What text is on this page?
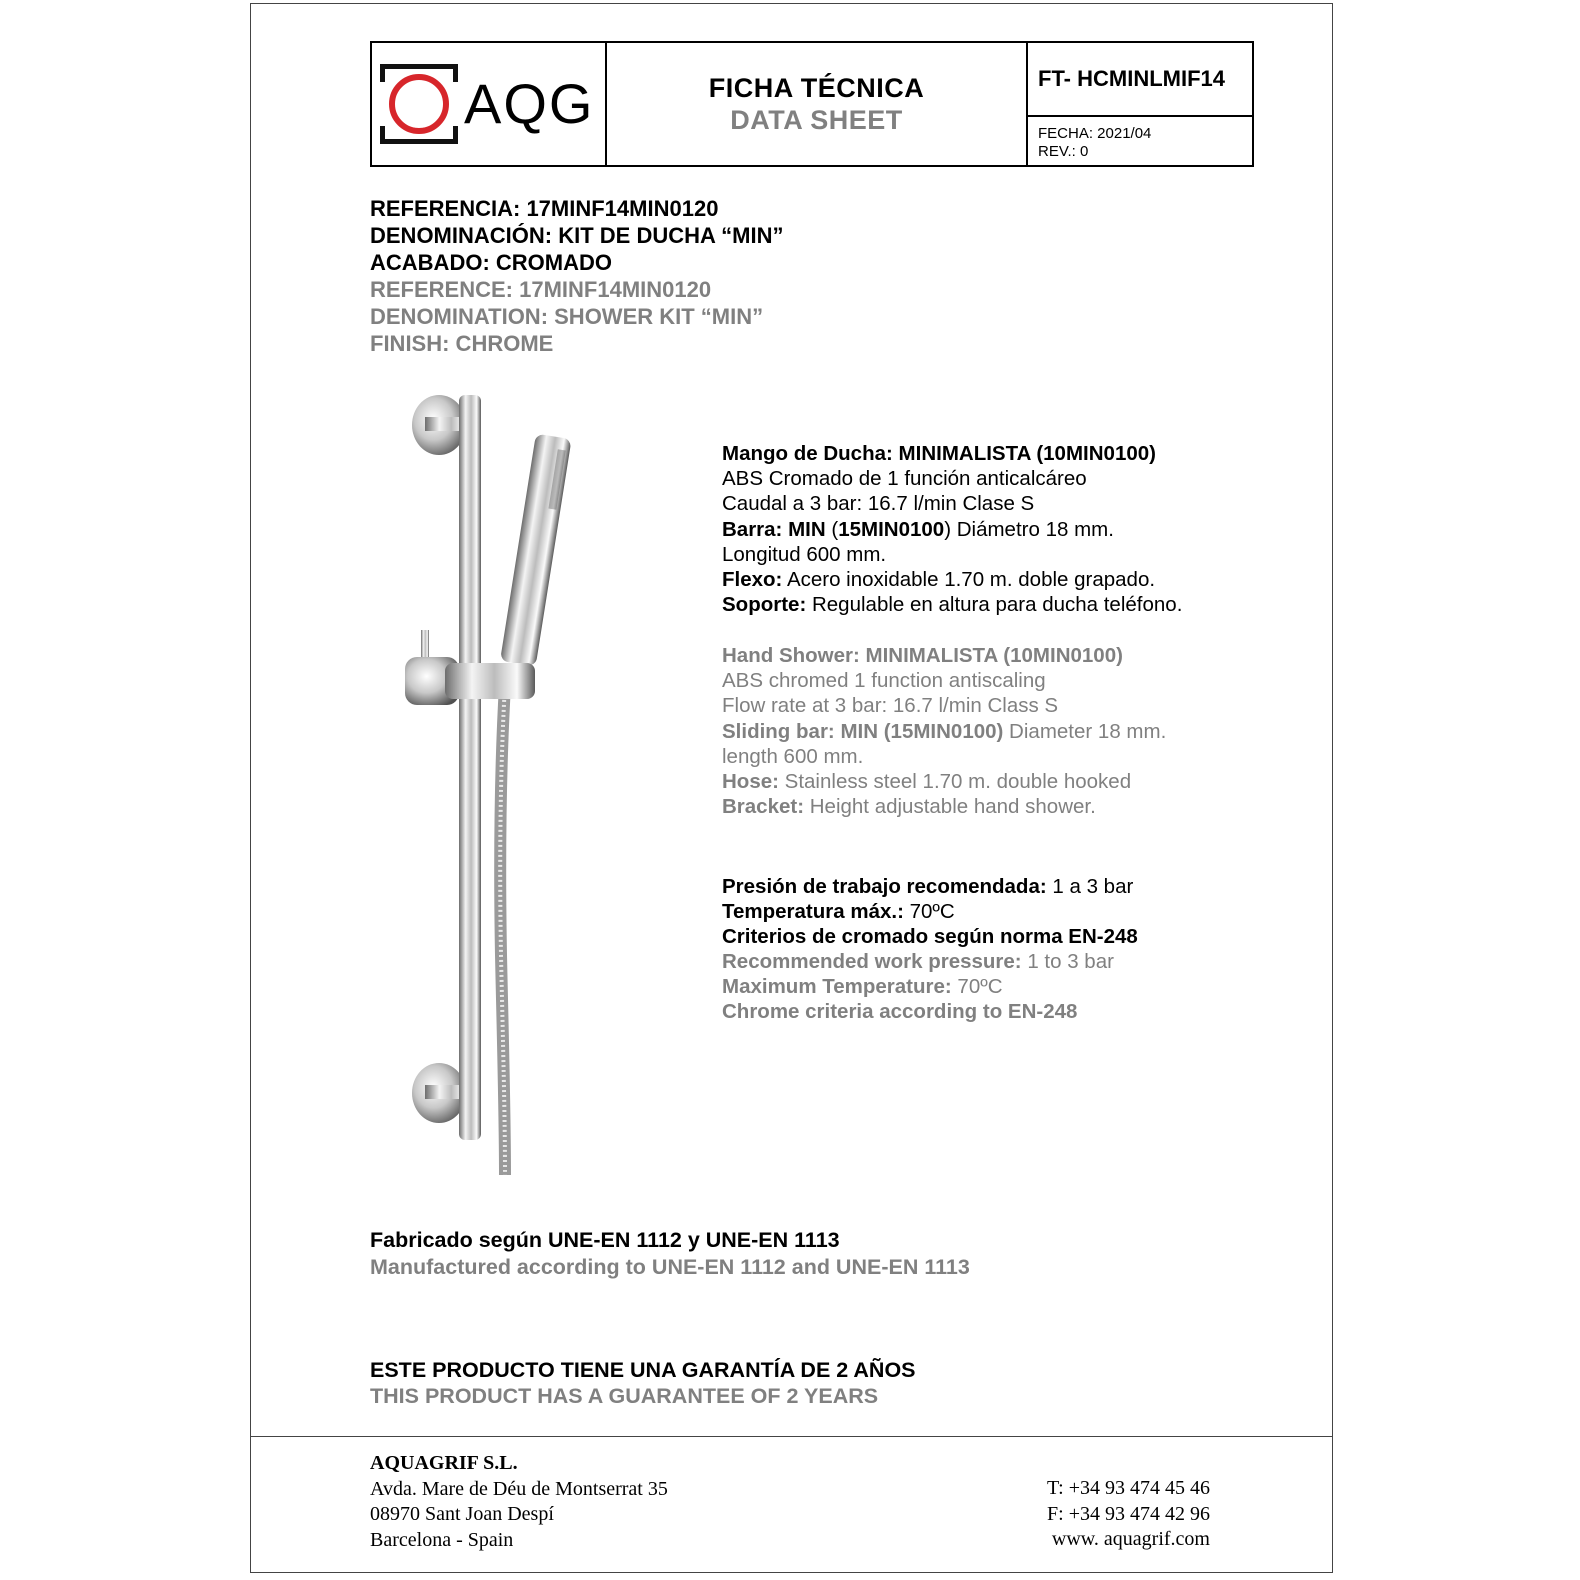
AQG	FICHA TÉCNICA
DATA SHEET
FT- HCMINLMIF14
FECHA: 2021/04
REV.: 0
REFERENCIA: 17MINF14MIN0120
DENOMINACIÓN: KIT DE DUCHA “MIN”
ACABADO: CROMADO
REFERENCE: 17MINF14MIN0120
DENOMINATION: SHOWER KIT “MIN”
FINISH: CHROME
Mango de Ducha: MINIMALISTA (10MIN0100)
ABS Cromado de 1 función anticalcáreo
Caudal a 3 bar: 16.7 l/min Clase S
Barra: MIN (15MIN0100) Diámetro 18 mm.
Longitud 600 mm.
Flexo: Acero inoxidable 1.70 m. doble grapado.
Soporte: Regulable en altura para ducha teléfono.
Hand Shower: MINIMALISTA (10MIN0100)
ABS chromed 1 function antiscaling
Flow rate at 3 bar: 16.7 l/min Class S
Sliding bar: MIN (15MIN0100) Diameter 18 mm.
length 600 mm.
Hose: Stainless steel 1.70 m. double hooked
Bracket: Height adjustable hand shower.
Presión de trabajo recomendada: 1 a 3 bar
Temperatura máx.: 70ºC
Criterios de cromado según norma EN-248
Recommended work pressure: 1 to 3 bar
Maximum Temperature: 70ºC
Chrome criteria according to EN-248
Fabricado según UNE-EN 1112 y UNE-EN 1113
Manufactured according to UNE-EN 1112 and UNE-EN 1113
ESTE PRODUCTO TIENE UNA GARANTÍA DE 2 AÑOS
THIS PRODUCT HAS A GUARANTEE OF 2 YEARS
AQUAGRIF S.L.
Avda. Mare de Déu de Montserrat 35
08970 Sant Joan Despí
Barcelona - Spain
T: +34 93 474 45 46
F: +34 93 474 42 96
www. aquagrif.com
